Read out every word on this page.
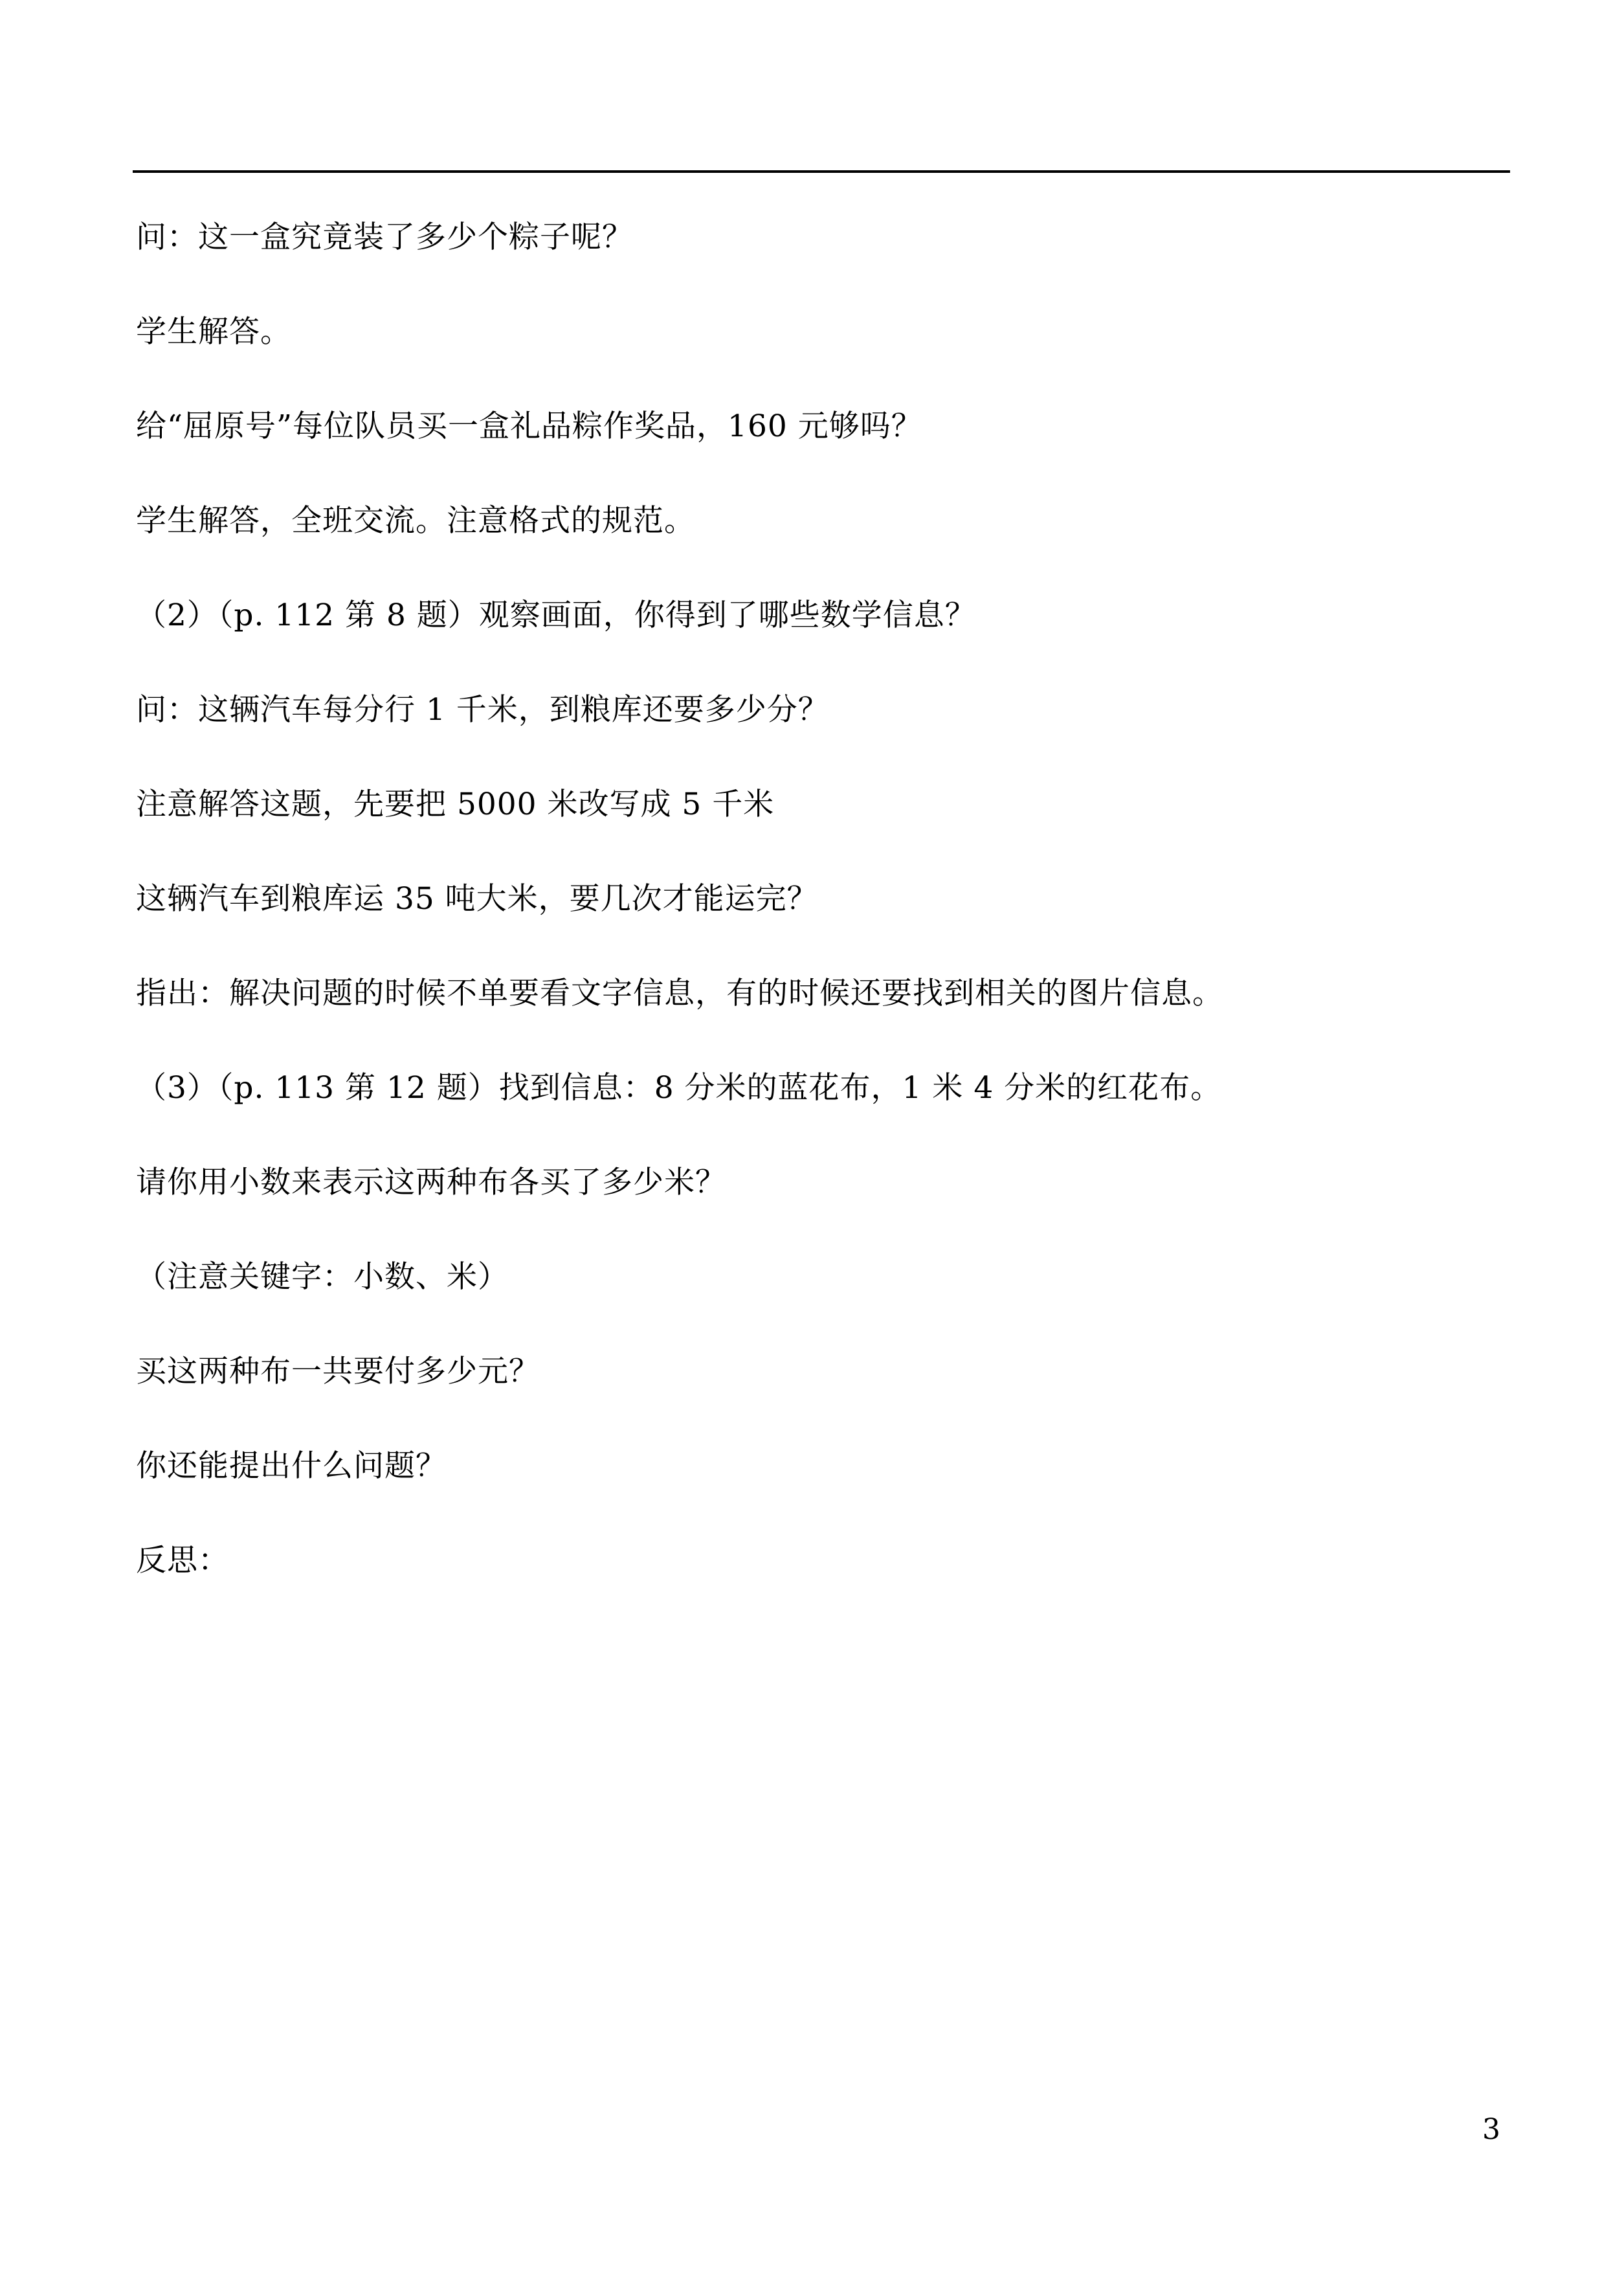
问：这一盒究竟装了多少个粽子呢？
学生解答。
给“屈原号”每位队员买一盒礼品粽作奖品，160 元够吗？
学生解答，全班交流。注意格式的规范。
（2）（p. 112 第 8 题）观察画面，你得到了哪些数学信息？
问：这辆汽车每分行 1 千米，到粮库还要多少分？
注意解答这题，先要把 5000 米改写成 5 千米
这辆汽车到粮库运 35 吨大米，要几次才能运完？
指出：解决问题的时候不单要看文字信息，有的时候还要找到相关的图片信息。
（3）（p. 113 第 12 题）找到信息：8 分米的蓝花布，1 米 4 分米的红花布。
请你用小数来表示这两种布各买了多少米？
（注意关键字：小数、米）
买这两种布一共要付多少元？
你还能提出什么问题？
反思：
3
